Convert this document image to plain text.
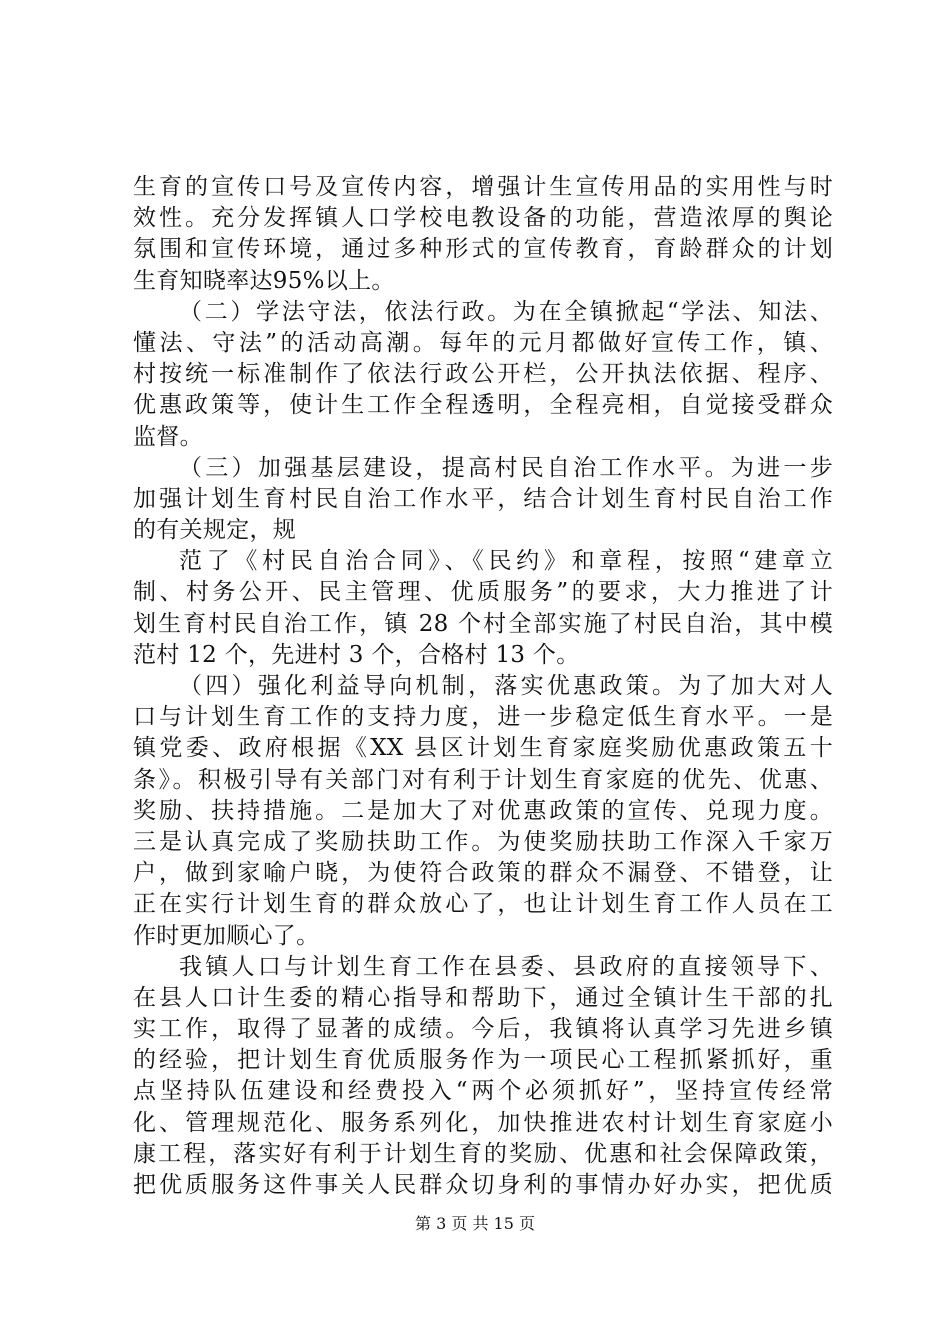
生育的宣传口号及宣传内容，增强计生宣传用品的实用性与时
效性。充分发挥镇人口学校电教设备的功能，营造浓厚的舆论
氛围和宣传环境，通过多种形式的宣传教育，育龄群众的计划
生育知晓率达95%以上。
（二）学法守法，依法行政。为在全镇掀起“学法、知法、
懂法、守法”的活动高潮。每年的元月都做好宣传工作，镇、
村按统一标准制作了依法行政公开栏，公开执法依据、程序、
优惠政策等，使计生工作全程透明，全程亮相，自觉接受群众
监督。
（三）加强基层建设，提高村民自治工作水平。为进一步
加强计划生育村民自治工作水平，结合计划生育村民自治工作
的有关规定，规
范了《村民自治合同》、《民约》和章程，按照“建章立
制、村务公开、民主管理、优质服务”的要求，大力推进了计
划生育村民自治工作，镇 28 个村全部实施了村民自治，其中模
范村 12 个，先进村 3 个，合格村 13 个。
（四）强化利益导向机制，落实优惠政策。为了加大对人
口与计划生育工作的支持力度，进一步稳定低生育水平。一是
镇党委、政府根据《XX 县区计划生育家庭奖励优惠政策五十
条》。积极引导有关部门对有利于计划生育家庭的优先、优惠、
奖励、扶持措施。二是加大了对优惠政策的宣传、兑现力度。
三是认真完成了奖励扶助工作。为使奖励扶助工作深入千家万
户，做到家喻户晓，为使符合政策的群众不漏登、不错登，让
正在实行计划生育的群众放心了，也让计划生育工作人员在工
作时更加顺心了。
我镇人口与计划生育工作在县委、县政府的直接领导下、
在县人口计生委的精心指导和帮助下，通过全镇计生干部的扎
实工作，取得了显著的成绩。今后，我镇将认真学习先进乡镇
的经验，把计划生育优质服务作为一项民心工程抓紧抓好，重
点坚持队伍建设和经费投入“两个必须抓好”，坚持宣传经常
化、管理规范化、服务系列化，加快推进农村计划生育家庭小
康工程，落实好有利于计划生育的奖励、优惠和社会保障政策，
把优质服务这件事关人民群众切身利的事情办好办实，把优质
第 3 页 共 15 页
